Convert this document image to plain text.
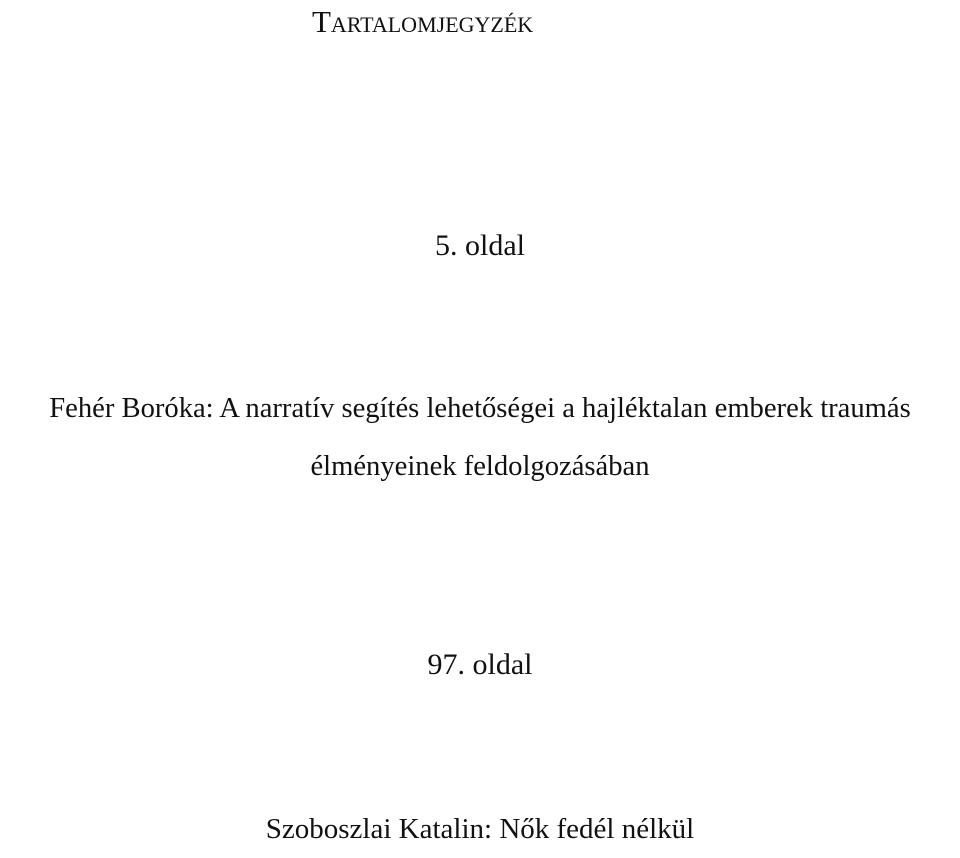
Tartalomjegyzék
5. oldal
Fehér Boróka: A narratív segítés lehetőségei a hajléktalan emberek traumás
élményeinek feldolgozásában
97. oldal
Szoboszlai Katalin: Nők fedél nélkül
